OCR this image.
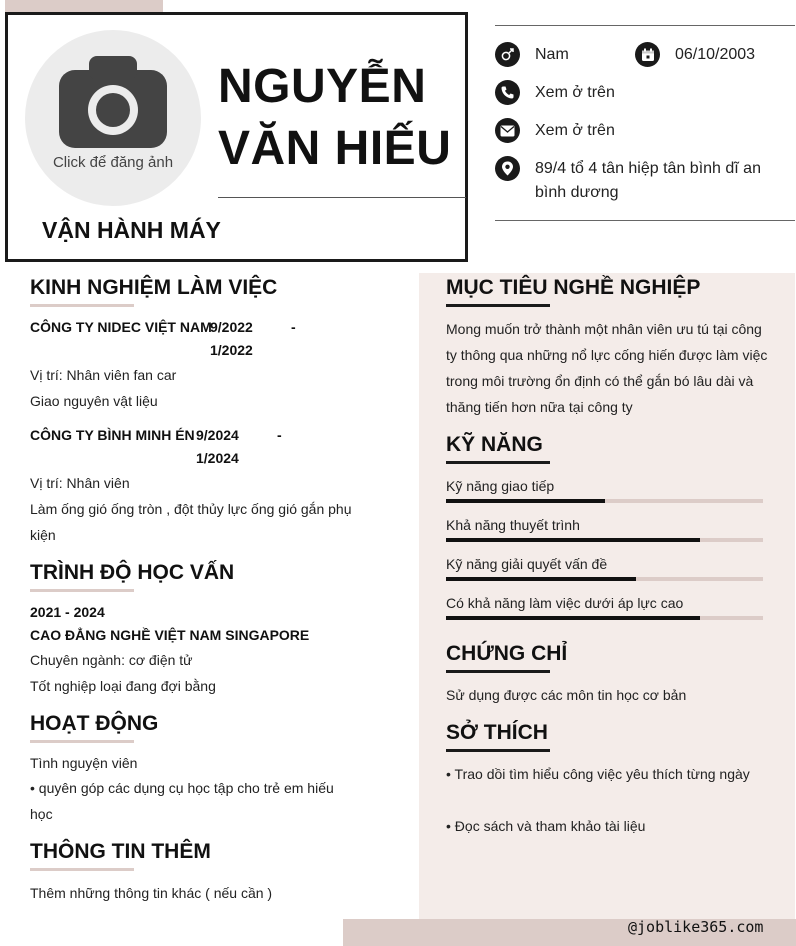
Click để đăng ảnh
NGUYỄN
VĂN HIẾU
VẬN HÀNH MÁY
Nam	06/10/2003
Xem ở trên
Xem ở trên
89/4 tổ 4 tân hiệp tân bình dĩ an
bình dương
KINH NGHIỆM LÀM VIỆC
CÔNG TY NIDEC VIỆT NAM
9/2022	-
1/2022
Vị trí: Nhân viên fan car
Giao nguyên vật liệu
CÔNG TY BÌNH MINH ÉN 9/2024	-
1/2024
Vị trí: Nhân viên
Làm ống gió ống tròn , đột thủy lực ống gió gắn phụ
kiện
TRÌNH ĐỘ HỌC VẤN
2021 - 2024
CAO ĐẲNG NGHỀ VIỆT NAM SINGAPORE
Chuyên ngành: cơ điện tử
Tốt nghiệp loại đang đợi bằng
HOẠT ĐỘNG
Tình nguyện viên
• quyên góp các dụng cụ học tập cho trẻ em hiếu
học
THÔNG TIN THÊM
Thêm những thông tin khác ( nếu cần )
MỤC TIÊU NGHỀ NGHIỆP
Mong muốn trở thành một nhân viên ưu tú tại công
ty thông qua những nổ lực cống hiến được làm việc
trong môi trường ổn định có thể gắn bó lâu dài và
thăng tiến hơn nữa tại công ty
KỸ NĂNG
Kỹ năng giao tiếp
Khả năng thuyết trình
Kỹ năng giải quyết vấn đề
Có khả năng làm việc dưới áp lực cao
CHỨNG CHỈ
Sử dụng được các môn tin học cơ bản
SỞ THÍCH
• Trao dồi tìm hiểu công việc yêu thích từng ngày
• Đọc sách và tham khảo tài liệu
@joblike365.com
